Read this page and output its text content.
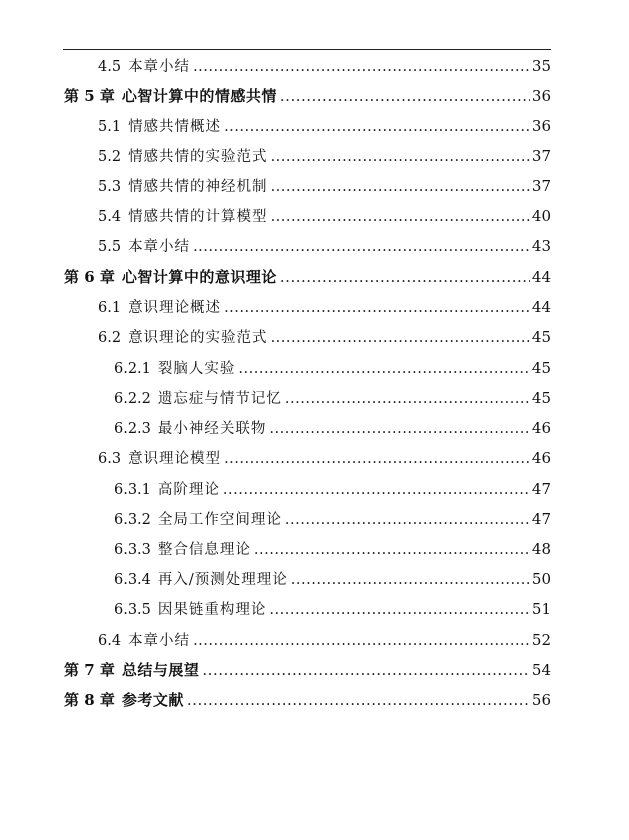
4.5 本章小结 .....	35
第 5 章 心智计算中的情感共情 .....	36
5.1 情感共情概述 .....	36
5.2 情感共情的实验范式 .....	37
5.3 情感共情的神经机制 .....	37
5.4 情感共情的计算模型 .....	40
5.5 本章小结 .....	43
第 6 章 心智计算中的意识理论 .....	44
6.1 意识理论概述 .....	44
6.2 意识理论的实验范式 .....	45
6.2.1 裂脑人实验 .....	45
6.2.2 遗忘症与情节记忆 .....	45
6.2.3 最小神经关联物 .....	46
6.3 意识理论模型 .....	46
6.3.1 高阶理论 .....	47
6.3.2 全局工作空间理论 .....	47
6.3.3 整合信息理论 .....	48
6.3.4 再入/预测处理理论 .....	50
6.3.5 因果链重构理论 .....	51
6.4 本章小结 .....	52
第 7 章 总结与展望 .....	54
第 8 章 参考文献 .....	56
